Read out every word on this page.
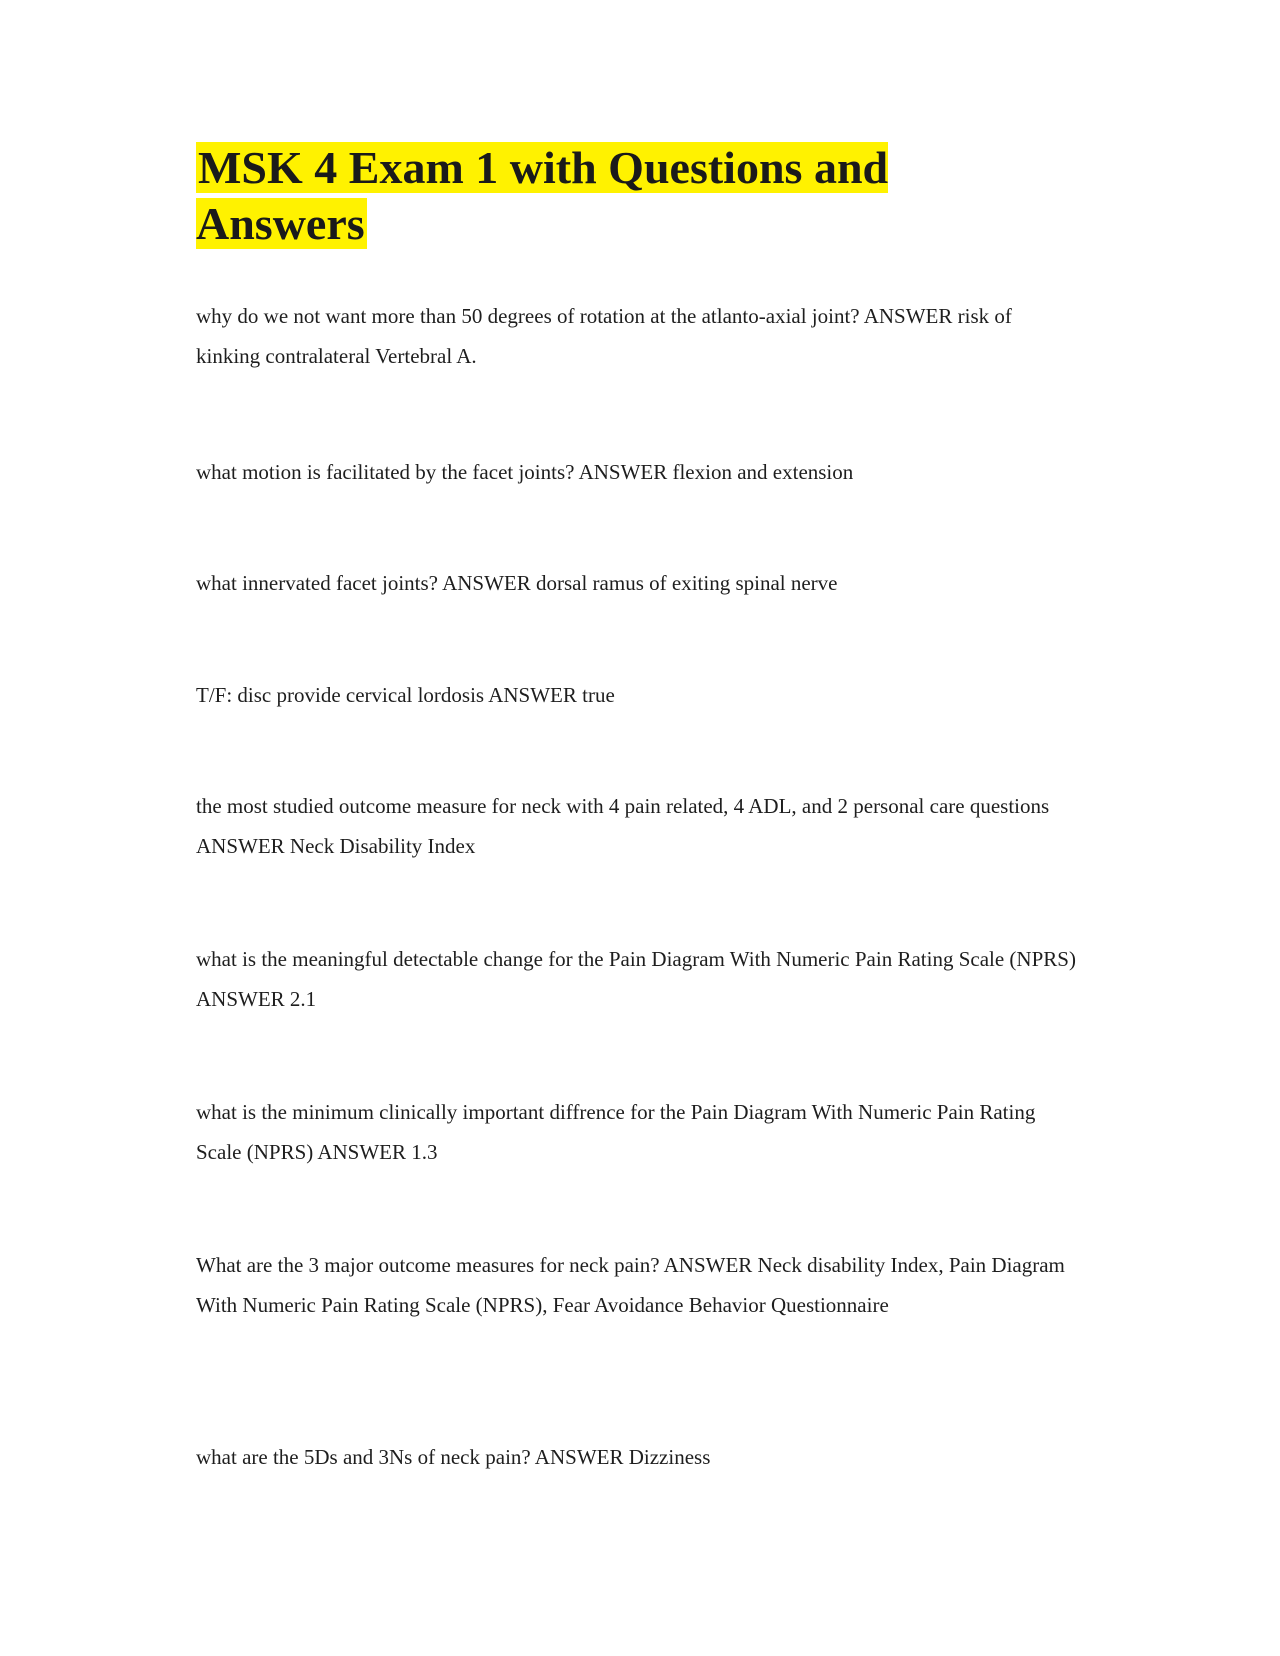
MSK 4 Exam 1 with Questions and Answers

why do we not want more than 50 degrees of rotation at the atlanto-axial joint? ANSWER risk of kinking contralateral Vertebral A.

what motion is facilitated by the facet joints? ANSWER flexion and extension

what innervated facet joints? ANSWER dorsal ramus of exiting spinal nerve

T/F: disc provide cervical lordosis ANSWER true

the most studied outcome measure for neck with 4 pain related, 4 ADL, and 2 personal care questions ANSWER Neck Disability Index

what is the meaningful detectable change for the Pain Diagram With Numeric Pain Rating Scale (NPRS) ANSWER 2.1

what is the minimum clinically important diffrence for the Pain Diagram With Numeric Pain Rating Scale (NPRS) ANSWER 1.3

What are the 3 major outcome measures for neck pain? ANSWER Neck disability Index, Pain Diagram With Numeric Pain Rating Scale (NPRS), Fear Avoidance Behavior Questionnaire

what are the 5Ds and 3Ns of neck pain? ANSWER Dizziness
